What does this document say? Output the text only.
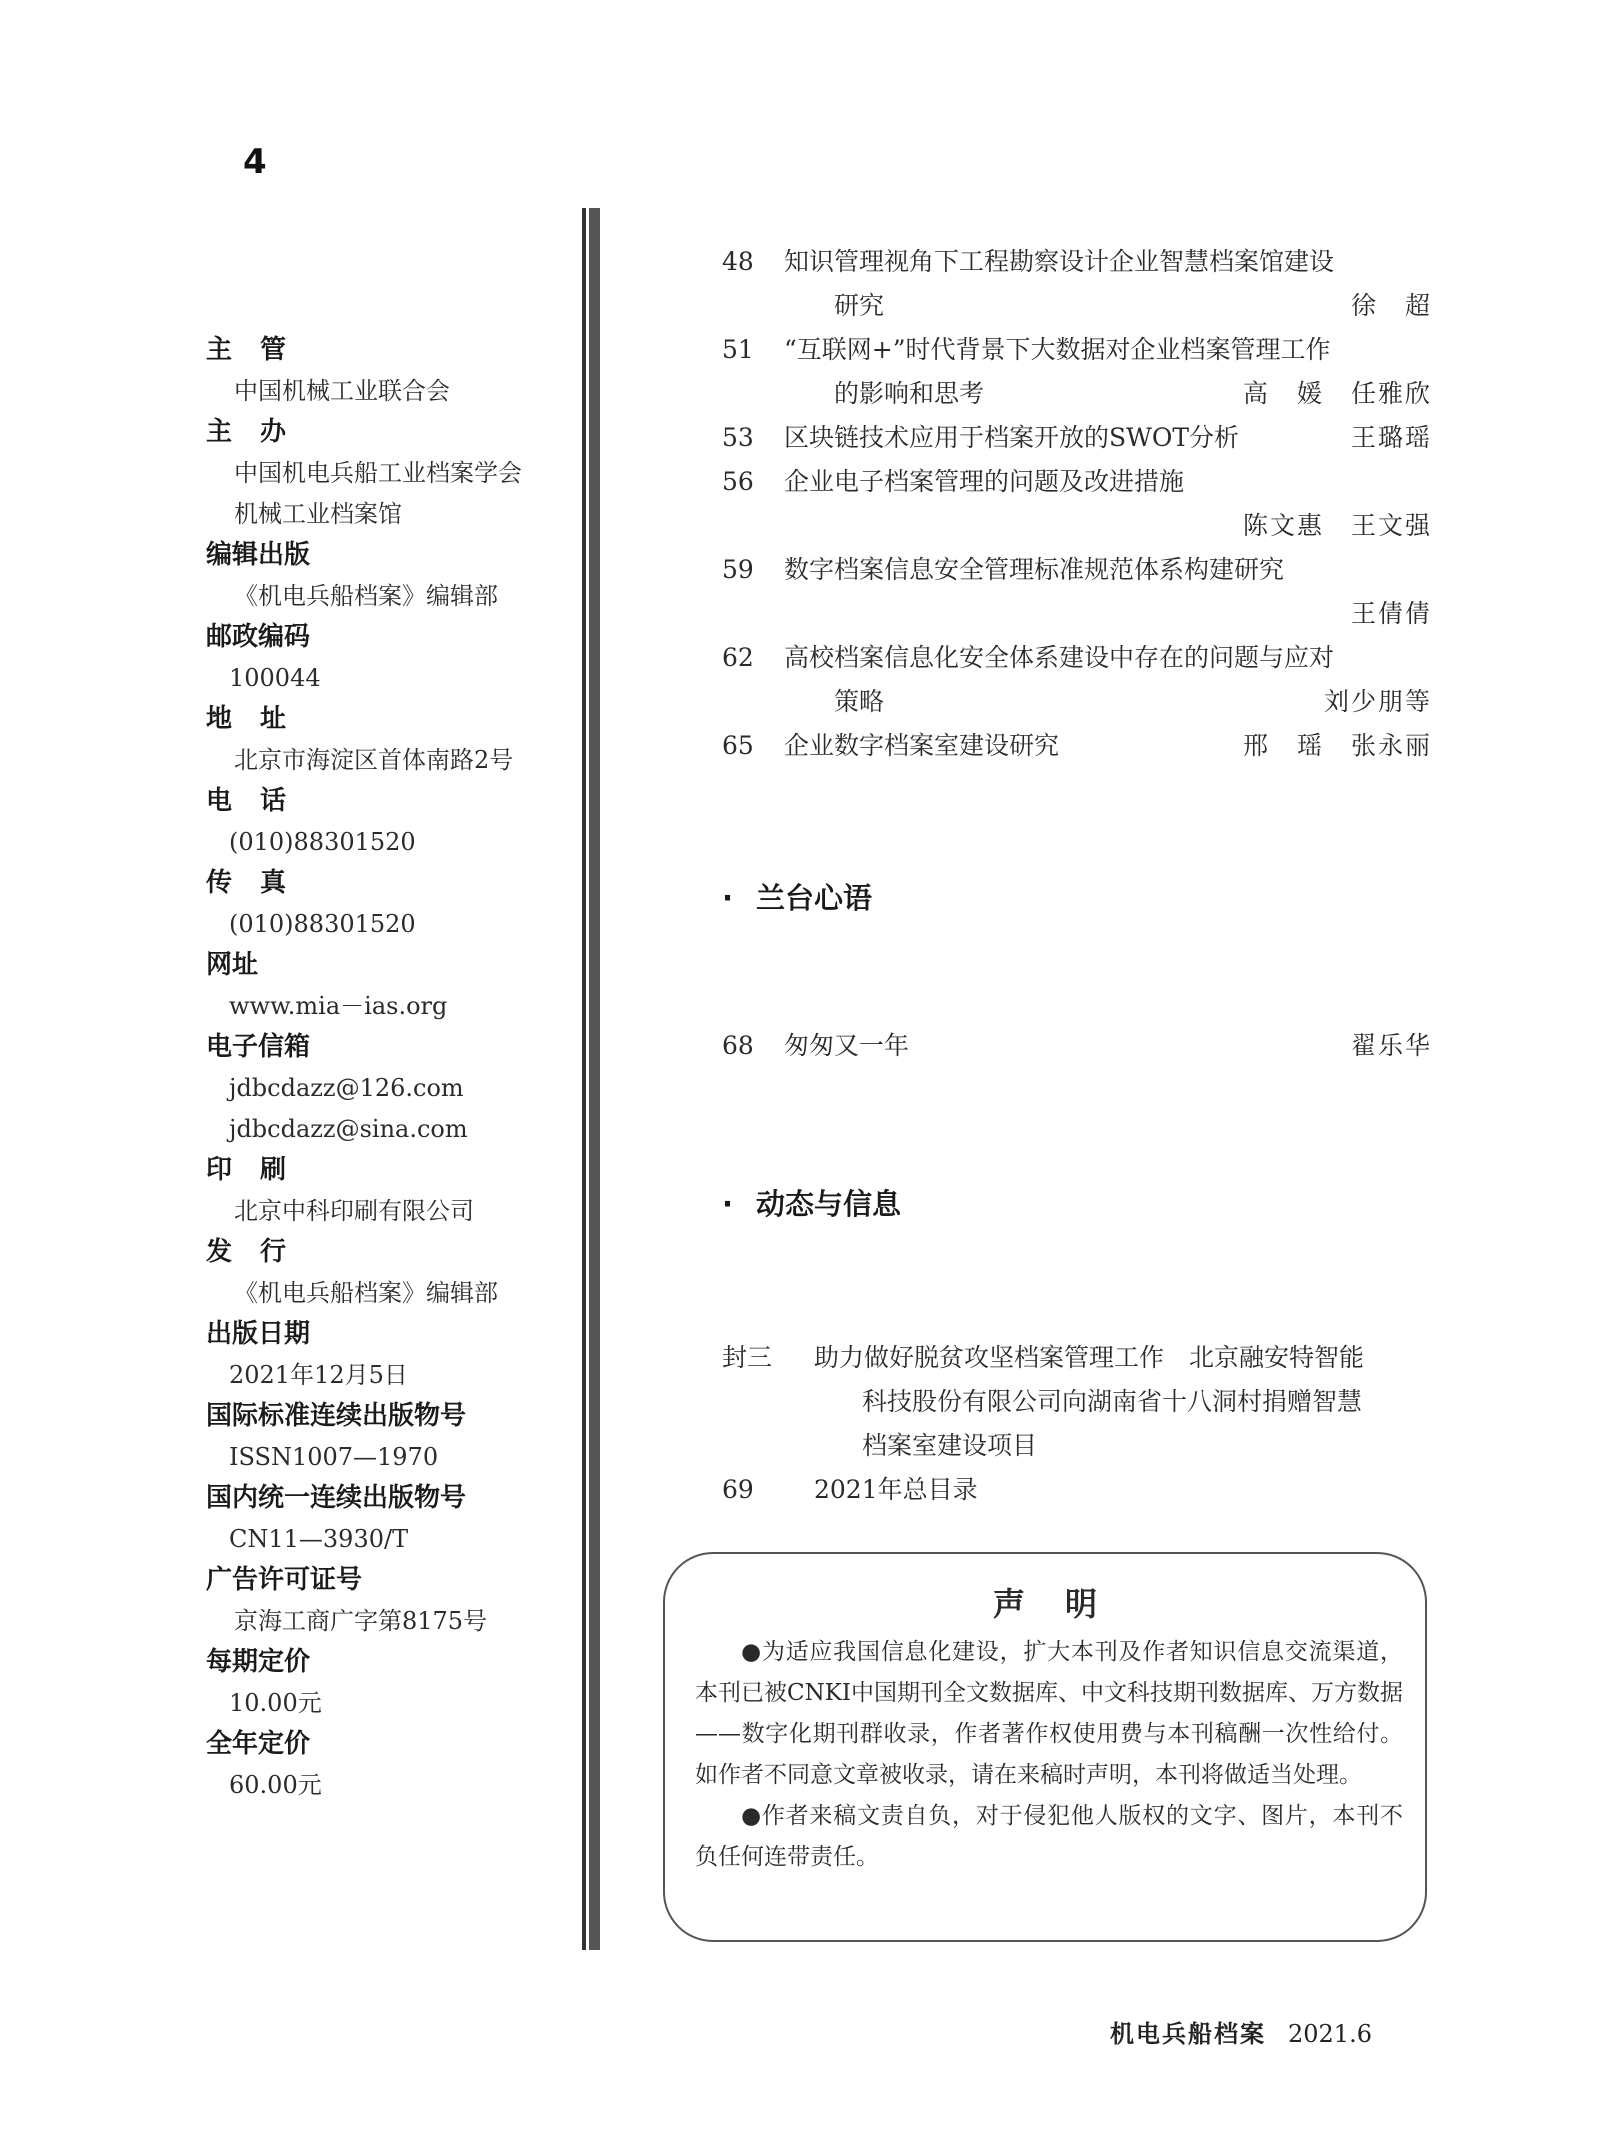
4
主管
中国机械工业联合会
主办
中国机电兵船工业档案学会
机械工业档案馆
编辑出版
《机电兵船档案》编辑部
邮政编码
100044
地址
北京市海淀区首体南路2号
电话
(010)88301520
传真
(010)88301520
网址
www.mia－ias.org
电子信箱
jdbcdazz@126.com
jdbcdazz@sina.com
印刷
北京中科印刷有限公司
发行
《机电兵船档案》编辑部
出版日期
2021年12月5日
国际标准连续出版物号
ISSN1007—1970
国内统一连续出版物号
CN11—3930/T
广告许可证号
京海工商广字第8175号
每期定价
10.00元
全年定价
60.00元
48	知识管理视角下工程勘察设计企业智慧档案馆建设
研究	徐　超
51	“互联网+”时代背景下大数据对企业档案管理工作
的影响和思考	高　媛　任雅欣
53	区块链技术应用于档案开放的SWOT分析	王璐瑶
56	企业电子档案管理的问题及改进措施
陈文惠　王文强
59	数字档案信息安全管理标准规范体系构建研究
王倩倩
62	高校档案信息化安全体系建设中存在的问题与应对
策略	刘少朋等
65	企业数字档案室建设研究	邢　瑶　张永丽
· 兰台心语
68	匆匆又一年	翟乐华
· 动态与信息
封三	助力做好脱贫攻坚档案管理工作　北京融安特智能
科技股份有限公司向湖南省十八洞村捐赠智慧
档案室建设项目
69	2021年总目录
声明

●为适应我国信息化建设，扩大本刊及作者知识信息交流渠道，本刊已被CNKI中国期刊全文数据库、中文科技期刊数据库、万方数据——数字化期刊群收录，作者著作权使用费与本刊稿酬一次性给付。如作者不同意文章被收录，请在来稿时声明，本刊将做适当处理。

●作者来稿文责自负，对于侵犯他人版权的文字、图片，本刊不负任何连带责任。

机电兵船档案 2021.6
